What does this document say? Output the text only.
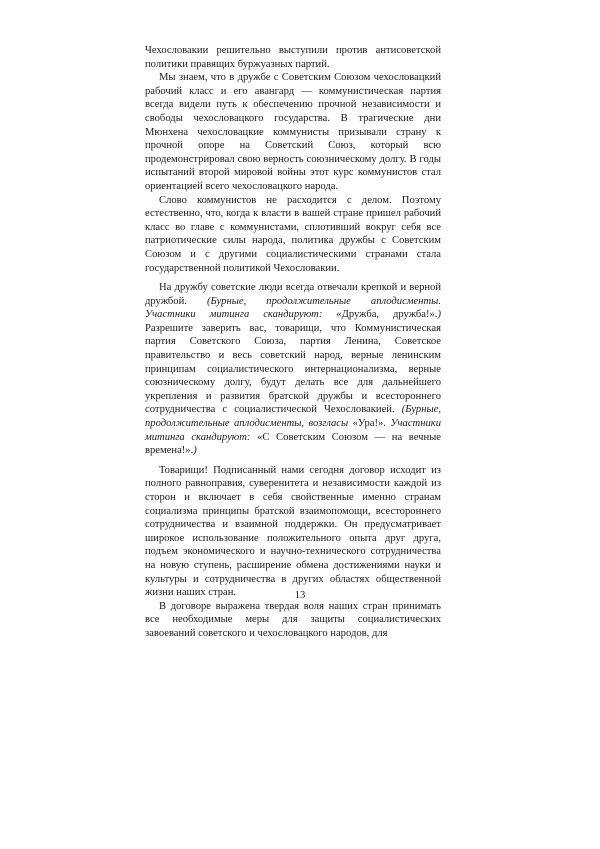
Чехословакии решительно выступили против антисоветской политики правящих буржуазных партий.

Мы знаем, что в дружбе с Советским Союзом чехословацкий рабочий класс и его авангард — коммунистическая партия всегда видели путь к обеспечению прочной независимости и свободы чехословацкого государства. В трагические дни Мюнхена чехословацкие коммунисты призывали страну к прочной опоре на Советский Союз, который всю продемонстрировал свою верность союзническому долгу. В годы испытаний второй мировой войны этот курс коммунистов стал ориентацией всего чехословацкого народа.

Слово коммунистов не расходится с делом. Поэтому естественно, что, когда к власти в вашей стране пришел рабочий класс во главе с коммунистами, сплотивший вокруг себя все патриотические силы народа, политика дружбы с Советским Союзом и с другими социалистическими странами стала государственной политикой Чехословакии.

На дружбу советские люди всегда отвечали крепкой и верной дружбой. (Бурные, продолжительные аплодисменты. Участники митинга скандируют: «Дружба, дружба!».) Разрешите заверить вас, товарищи, что Коммунистическая партия Советского Союза, партия Ленина, Советское правительство и весь советский народ, верные ленинским принципам социалистического интернационализма, верные союзническому долгу, будут делать все для дальнейшего укрепления и развития братской дружбы и всестороннего сотрудничества с социалистической Чехословакией. (Бурные, продолжительные аплодисменты, возгласы «Ура!». Участники митинга скандируют: «С Советским Союзом — на вечные времена!».)

Товарищи! Подписанный нами сегодня договор исходит из полного равноправия, суверенитета и независимости каждой из сторон и включает в себя свойственные именно странам социализма принципы братской взаимопомощи, всестороннего сотрудничества и взаимной поддержки. Он предусматривает широкое использование положительного опыта друг друга, подъем экономического и научно-технического сотрудничества на новую ступень, расширение обмена достижениями науки и культуры и сотрудничества в других областях общественной жизни наших стран.

В договоре выражена твердая воля наших стран принимать все необходимые меры для защиты социалистических завоеваний советского и чехословацкого народов, для

13
